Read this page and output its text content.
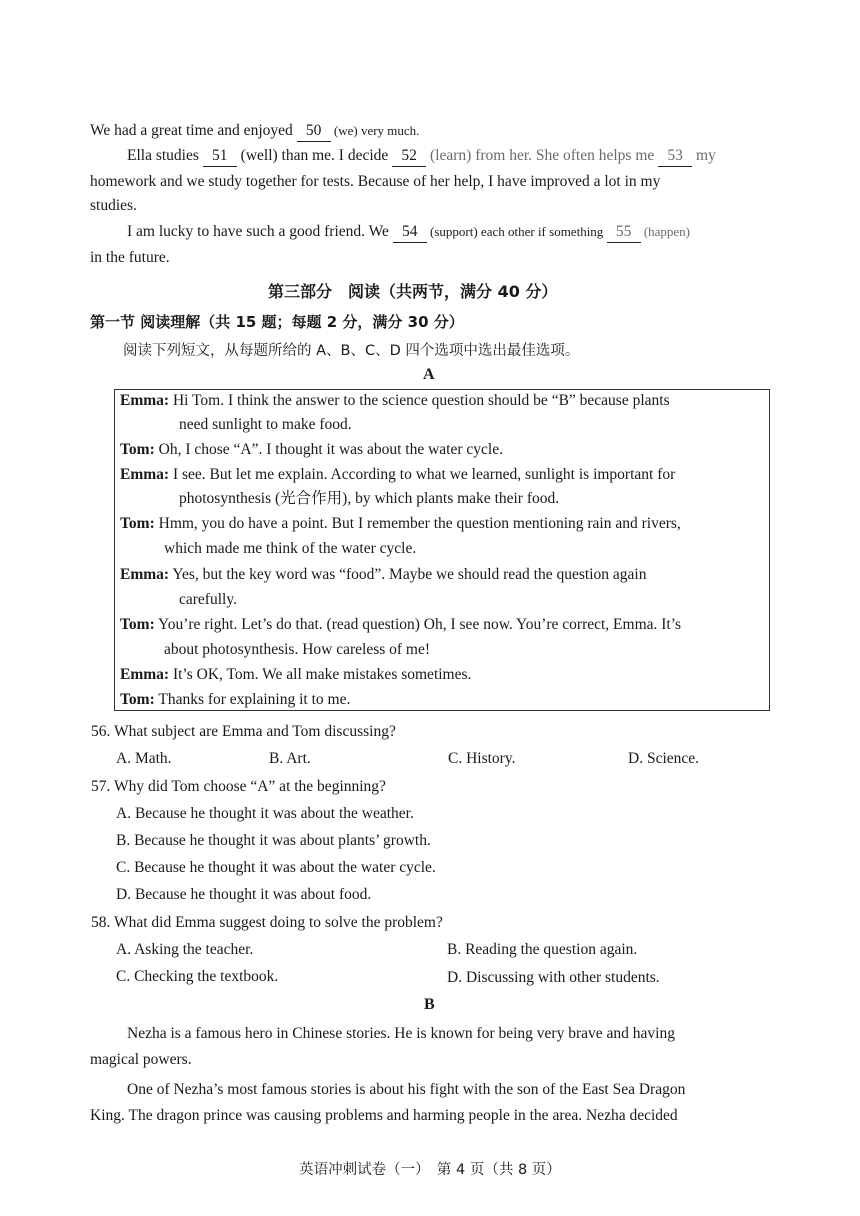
We had a great time and enjoyed 50 (we) very much.
Ella studies 51 (well) than me. I decide 52 (learn) from her. She often helps me 53 my
homework and we study together for tests. Because of her help, I have improved a lot in my
studies.
I am lucky to have such a good friend. We 54 (support) each other if something 55 (happen)
in the future.
第三部分　阅读（共两节，满分 40 分）
第一节 阅读理解（共 15 题；每题 2 分，满分 30 分）
阅读下列短文，从每题所给的 A、B、C、D 四个选项中选出最佳选项。
A
Emma: Hi Tom. I think the answer to the science question should be “B” because plants
need sunlight to make food.
Tom: Oh, I chose “A”. I thought it was about the water cycle.
Emma: I see. But let me explain. According to what we learned, sunlight is important for
photosynthesis (光合作用), by which plants make their food.
Tom: Hmm, you do have a point. But I remember the question mentioning rain and rivers,
which made me think of the water cycle.
Emma: Yes, but the key word was “food”. Maybe we should read the question again
carefully.
Tom: You’re right. Let’s do that. (read question) Oh, I see now. You’re correct, Emma. It’s
about photosynthesis. How careless of me!
Emma: It’s OK, Tom. We all make mistakes sometimes.
Tom: Thanks for explaining it to me.
56. What subject are Emma and Tom discussing?
A. Math.	B. Art.	C. History.	D. Science.
57. Why did Tom choose “A” at the beginning?
A. Because he thought it was about the weather.
B. Because he thought it was about plants’ growth.
C. Because he thought it was about the water cycle.
D. Because he thought it was about food.
58. What did Emma suggest doing to solve the problem?
A. Asking the teacher.	B. Reading the question again.
C. Checking the textbook.	D. Discussing with other students.
B
Nezha is a famous hero in Chinese stories. He is known for being very brave and having
magical powers.
One of Nezha’s most famous stories is about his fight with the son of the East Sea Dragon
King. The dragon prince was causing problems and harming people in the area. Nezha decided
英语冲刺试卷（一）　第 4 页（共 8 页）
